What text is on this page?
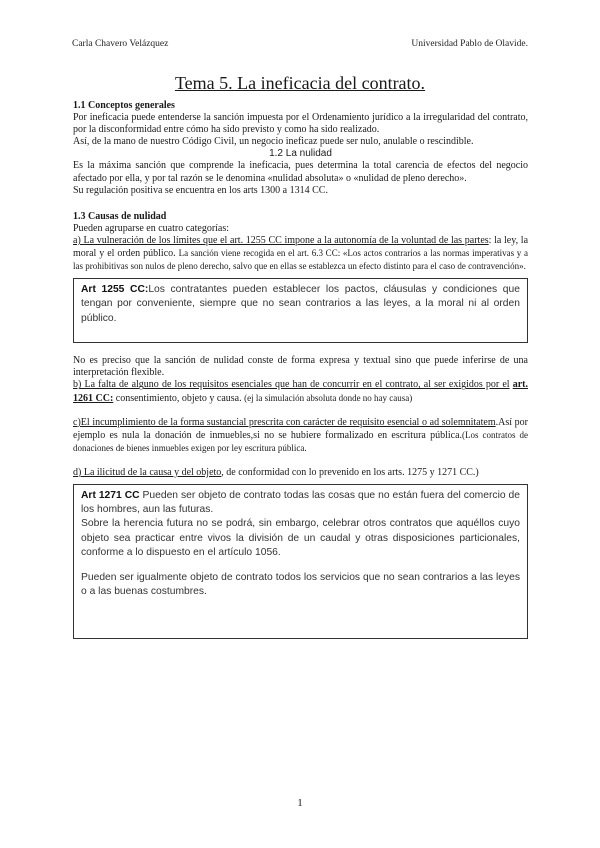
Carla Chavero Velázquez	Universidad Pablo de Olavide.
Tema 5. La ineficacia del contrato.

1.1 Conceptos generales

Por ineficacia puede entenderse la sanción impuesta por el Ordenamiento jurídico a la irregularidad del contrato, por la disconformidad entre cómo ha sido previsto y como ha sido realizado.

Así, de la mano de nuestro Código Civil, un negocio ineficaz puede ser nulo, anulable o rescindible.

1.2 La nulidad

Es la máxima sanción que comprende la ineficacia, pues determina la total carencia de efectos del negocio afectado por ella, y por tal razón se le denomina «nulidad absoluta» o «nulidad de pleno derecho».

Su regulación positiva se encuentra en los arts 1300 a 1314 CC.

1.3 Causas de nulidad

Pueden agruparse en cuatro categorías:

a) La vulneración de los límites que el art. 1255 CC impone a la autonomía de la voluntad de las partes: la ley, la moral y el orden público. La sanción viene recogida en el art. 6.3 CC: «Los actos contrarios a las normas imperativas y a las prohibitivas son nulos de pleno derecho, salvo que en ellas se establezca un efecto distinto para el caso de contravención».

Art 1255 CC:Los contratantes pueden establecer los pactos, cláusulas y condiciones que tengan por conveniente, siempre que no sean contrarios a las leyes, a la moral ni al orden público.

No es preciso que la sanción de nulidad conste de forma expresa y textual sino que puede inferirse de una interpretación flexible.

b) La falta de alguno de los requisitos esenciales que han de concurrir en el contrato, al ser exigidos por el art. 1261 CC: consentimiento, objeto y causa. (ej la simulación absoluta donde no hay causa)

c)El incumplimiento de la forma sustancial prescrita con carácter de requisito esencial o ad solemnitatem.Así por ejemplo es nula la donación de inmuebles,si no se hubiere formalizado en escritura pública.(Los contratos de donaciones de bienes inmuebles exigen por ley escritura pública.

d) La ilicitud de la causa y del objeto, de conformidad con lo prevenido en los arts. 1275 y 1271 CC.)

Art 1271 CC Pueden ser objeto de contrato todas las cosas que no están fuera del comercio de los hombres, aun las futuras.

Sobre la herencia futura no se podrá, sin embargo, celebrar otros contratos que aquéllos cuyo objeto sea practicar entre vivos la división de un caudal y otras disposiciones particionales, conforme a lo dispuesto en el artículo 1056.

Pueden ser igualmente objeto de contrato todos los servicios que no sean contrarios a las leyes o a las buenas costumbres.

1
